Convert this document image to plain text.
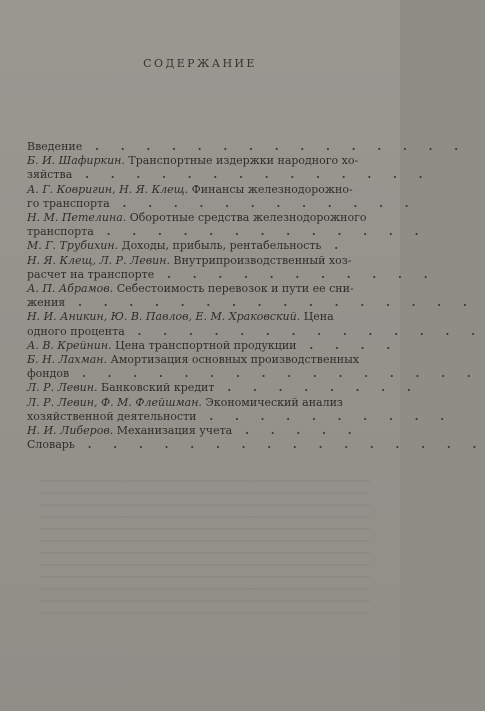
СОДЕРЖАНИЕ
Введение . . . . . . . . . . . . . . .
Б. И. Шафиркин. Транспортные издержки народного хо-
зяйства . . . . . . . . . . . . . .
А. Г. Ковригин, Н. Я. Клещ. Финансы железнодорожно-
го транспорта . . . . . . . . . . . .
Н. М. Петелина. Оборотные средства железнодорожного
транспорта . . . . . . . . . . . . .
М. Г. Трубихин. Доходы, прибыль, рентабельность .
Н. Я. Клещ, Л. Р. Левин. Внутрипроизводственный хоз-
расчет на транспорте . . . . . . . . . . .
А. П. Абрамов. Себестоимость перевозок и пути ее сни-
жения . . . . . . . . . . . . . . . .
Н. И. Аникин, Ю. В. Павлов, Е. М. Храковский. Цена
одного процента . . . . . . . . . . . . . .
А. В. Крейнин. Цена транспортной продукции . . . .
Б. Н. Лахман. Амортизация основных производственных
фондов . . . . . . . . . . . . . . . .
Л. Р. Левин. Банковский кредит . . . . . . . .
Л. Р. Левин, Ф. М. Флейшман. Экономический анализ
хозяйственной деятельности . . . . . . . . . .
Н. И. Либеров. Механизация учета . . . . .
Словарь . . . . . . . . . . . . . . . .
